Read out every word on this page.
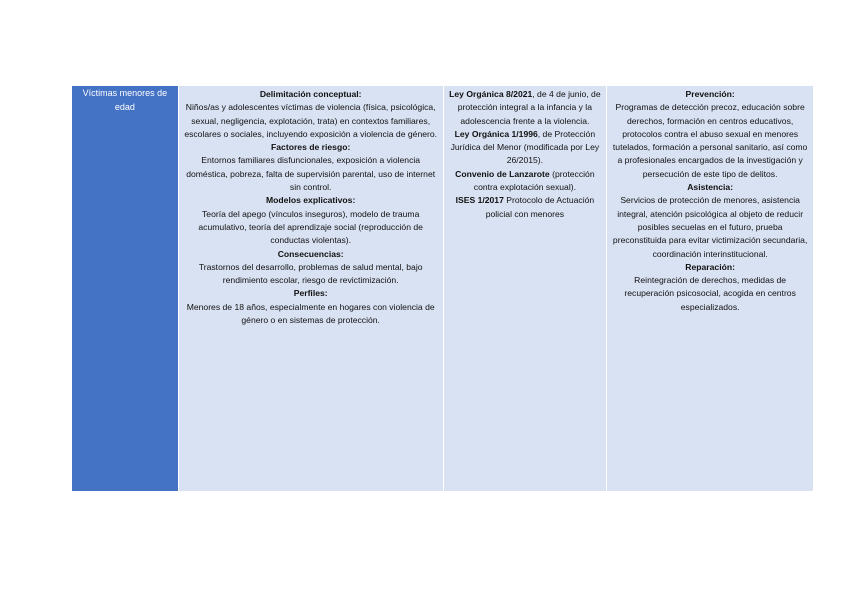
Víctimas menores de edad

Delimitación conceptual:
Niños/as y adolescentes víctimas de violencia (física, psicológica, sexual, negligencia, explotación, trata) en contextos familiares, escolares o sociales, incluyendo exposición a violencia de género.

Factores de riesgo:
Entornos familiares disfuncionales, exposición a violencia doméstica, pobreza, falta de supervisión parental, uso de internet sin control.

Modelos explicativos:
Teoría del apego (vínculos inseguros), modelo de trauma acumulativo, teoría del aprendizaje social (reproducción de conductas violentas).

Consecuencias:
Trastornos del desarrollo, problemas de salud mental, bajo rendimiento escolar, riesgo de revictimización.

Perfiles:
Menores de 18 años, especialmente en hogares con violencia de género o en sistemas de protección.

Ley Orgánica 8/2021, de 4 de junio, de protección integral a la infancia y la adolescencia frente a la violencia.

Ley Orgánica 1/1996, de Protección Jurídica del Menor (modificada por Ley 26/2015).

Convenio de Lanzarote (protección contra explotación sexual).

ISES 1/2017 Protocolo de Actuación policial con menores

Prevención:
Programas de detección precoz, educación sobre derechos, formación en centros educativos, protocolos contra el abuso sexual en menores tutelados, formación a personal sanitario, así como a profesionales encargados de la investigación y persecución de este tipo de delitos.

Asistencia:
Servicios de protección de menores, asistencia integral, atención psicológica al objeto de reducir posibles secuelas en el futuro, prueba preconstituida para evitar victimización secundaria, coordinación interinstitucional.

Reparación:
Reintegración de derechos, medidas de recuperación psicosocial, acogida en centros especializados.
